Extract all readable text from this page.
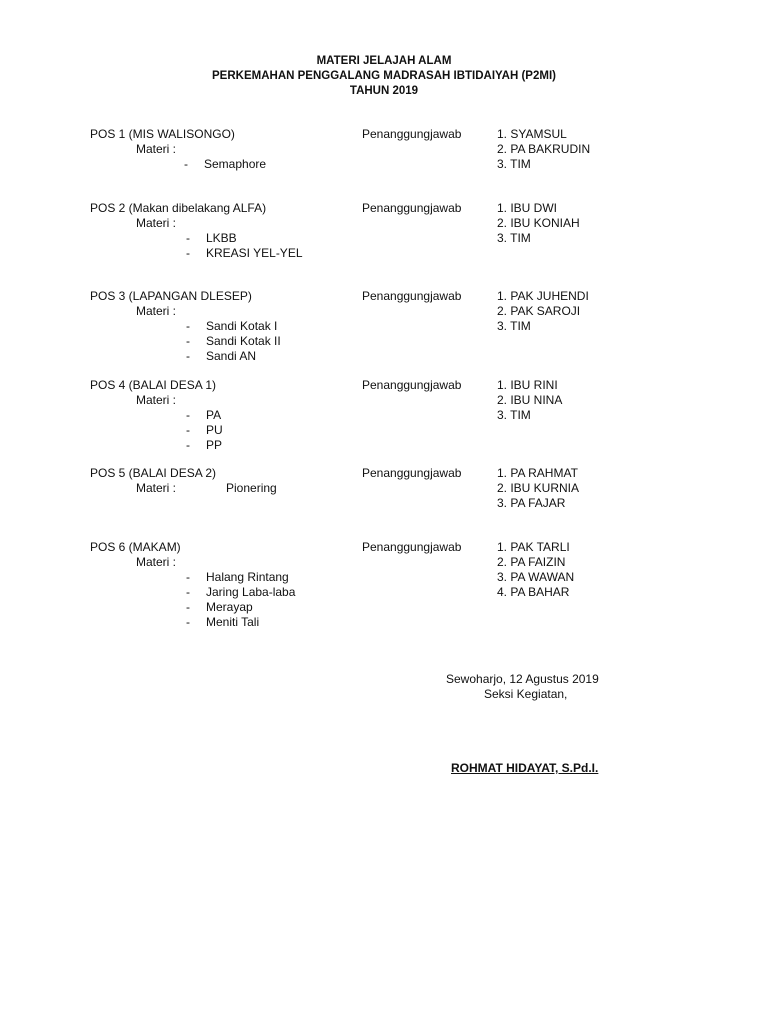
MATERI JELAJAH ALAM
PERKEMAHAN PENGGALANG MADRASAH IBTIDAIYAH (P2MI)
TAHUN 2019
POS 1 (MIS WALISONGO)
Materi :
- Semaphore
Penanggungjawab	1. SYAMSUL
2. PA BAKRUDIN
3. TIM
POS 2 (Makan dibelakang ALFA)
Materi :
- LKBB
- KREASI YEL-YEL
Penanggungjawab	1. IBU DWI
2. IBU KONIAH
3. TIM
POS 3 (LAPANGAN DLESEP)
Materi :
- Sandi Kotak I
- Sandi Kotak II
- Sandi AN
Penanggungjawab	1. PAK JUHENDI
2. PAK SAROJI
3. TIM
POS 4 (BALAI DESA 1)
Materi :
- PA
- PU
- PP
Penanggungjawab	1. IBU RINI
2. IBU NINA
3. TIM
POS 5 (BALAI DESA 2)
Materi :	Pionering
Penanggungjawab	1. PA RAHMAT
2. IBU KURNIA
3. PA FAJAR
POS 6 (MAKAM)
Materi :
- Halang Rintang
- Jaring Laba-laba
- Merayap
- Meniti Tali
Penanggungjawab	1. PAK TARLI
2. PA FAIZIN
3. PA WAWAN
4. PA BAHAR
Sewoharjo, 12 Agustus 2019
Seksi Kegiatan,
ROHMAT HIDAYAT, S.Pd.I.
